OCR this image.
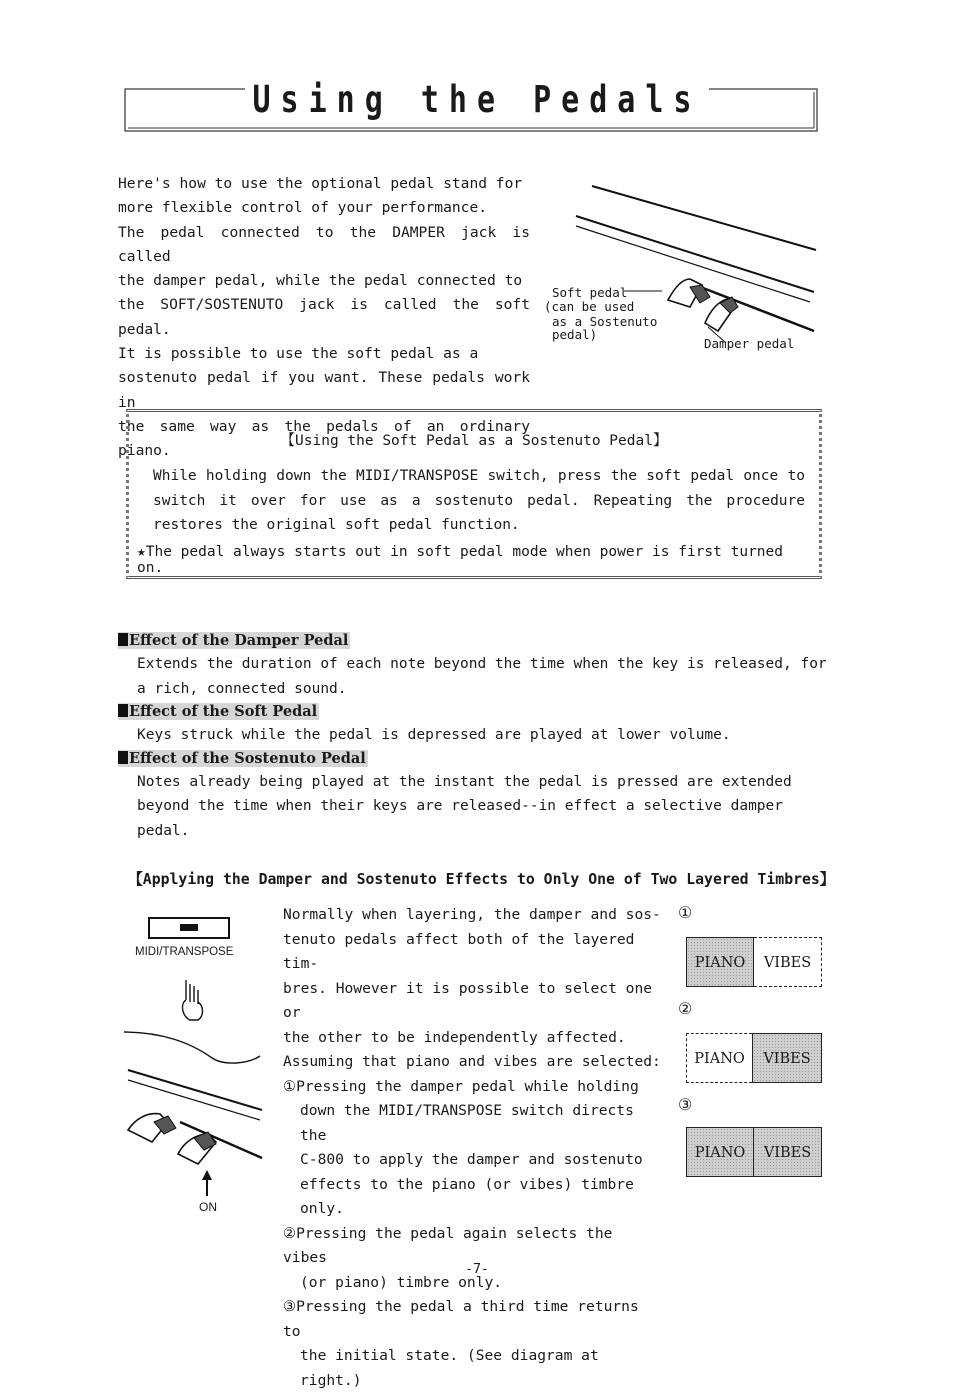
Using the Pedals

Here's how to use the optional pedal stand for

more flexible control of your performance.

The pedal connected to the DAMPER jack is called

the damper pedal, while the pedal connected to

the SOFT/SOSTENUTO jack is called the soft pedal.

It is possible to use the soft pedal as a

sostenuto pedal if you want. These pedals work in

the same way as the pedals of an ordinary piano.

Soft pedal
(can be used
as a Sostenuto
pedal)
Damper pedal
【Using the Soft Pedal as a Sostenuto Pedal】
While holding down the MIDI/TRANSPOSE switch, press the soft pedal once to switch it over for use as a sostenuto pedal. Repeating the procedure restores the original soft pedal function.
★The pedal always starts out in soft pedal mode when power is first turned on.
Effect of the Damper Pedal
Extends the duration of each note beyond the time when the key is released, for a rich, connected sound.
Effect of the Soft Pedal
Keys struck while the pedal is depressed are played at lower volume.
Effect of the Sostenuto Pedal
Notes already being played at the instant the pedal is pressed are extended beyond the time when their keys are released--in effect a selective damper pedal.
【Applying the Damper and Sostenuto Effects to Only One of Two Layered Timbres】
MIDI/TRANSPOSE
ON

Normally when layering, the damper and sos-

tenuto pedals affect both of the layered tim-

bres. However it is possible to select one or

the other to be independently affected.

Assuming that piano and vibes are selected:

①Pressing the damper pedal while holding

down the MIDI/TRANSPOSE switch directs the

C-800 to apply the damper and sostenuto

effects to the piano (or vibes) timbre only.

②Pressing the pedal again selects the vibes

(or piano) timbre only.

③Pressing the pedal a third time returns to

the initial state. (See diagram at right.)

①
PIANO	VIBES
②
PIANO	VIBES
③
PIANO	VIBES
-7-
